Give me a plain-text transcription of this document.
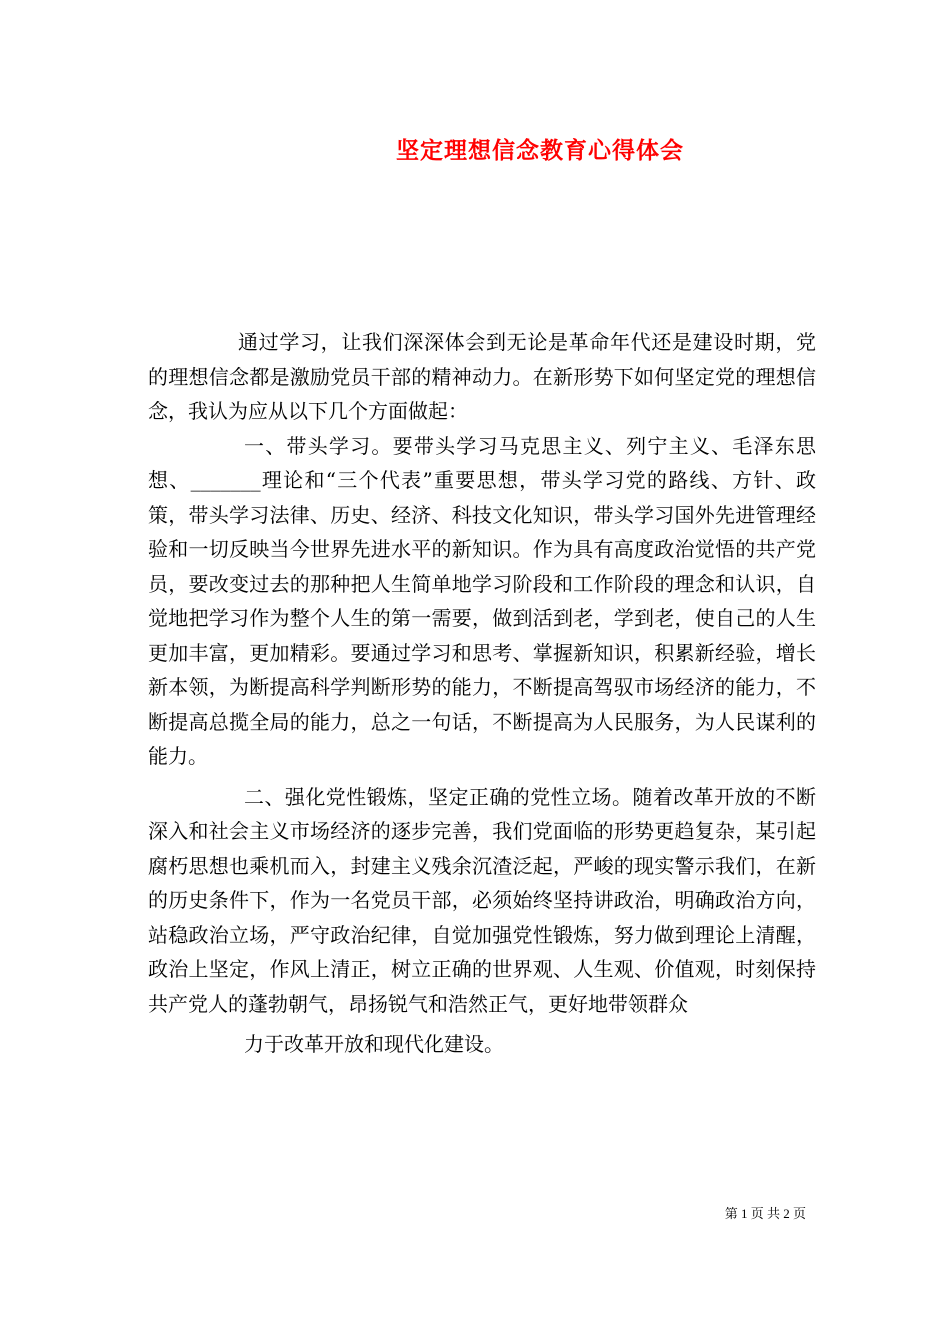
坚定理想信念教育心得体会

通过学习，让我们深深体会到无论是革命年代还是建设时期，党的理想信念都是激励党员干部的精神动力。在新形势下如何坚定党的理想信念，我认为应从以下几个方面做起：

一、带头学习。要带头学习马克思主义、列宁主义、毛泽东思想、_______理论和“三个代表”重要思想，带头学习党的路线、方针、政策，带头学习法律、历史、经济、科技文化知识，带头学习国外先进管理经验和一切反映当今世界先进水平的新知识。作为具有高度政治觉悟的共产党员，要改变过去的那种把人生简单地学习阶段和工作阶段的理念和认识，自觉地把学习作为整个人生的第一需要，做到活到老，学到老，使自己的人生更加丰富，更加精彩。要通过学习和思考、掌握新知识，积累新经验，增长新本领，为断提高科学判断形势的能力，不断提高驾驭市场经济的能力，不断提高总揽全局的能力，总之一句话，不断提高为人民服务，为人民谋利的能力。

二、强化党性锻炼，坚定正确的党性立场。随着改革开放的不断深入和社会主义市场经济的逐步完善，我们党面临的形势更趋复杂，某引起腐朽思想也乘机而入，封建主义残余沉渣泛起，严峻的现实警示我们，在新的历史条件下，作为一名党员干部，必须始终坚持讲政治，明确政治方向，站稳政治立场，严守政治纪律，自觉加强党性锻炼，努力做到理论上清醒，政治上坚定，作风上清正，树立正确的世界观、人生观、价值观，时刻保持共产党人的蓬勃朝气，昂扬锐气和浩然正气，更好地带领群众

力于改革开放和现代化建设。

第 1 页 共 2 页
